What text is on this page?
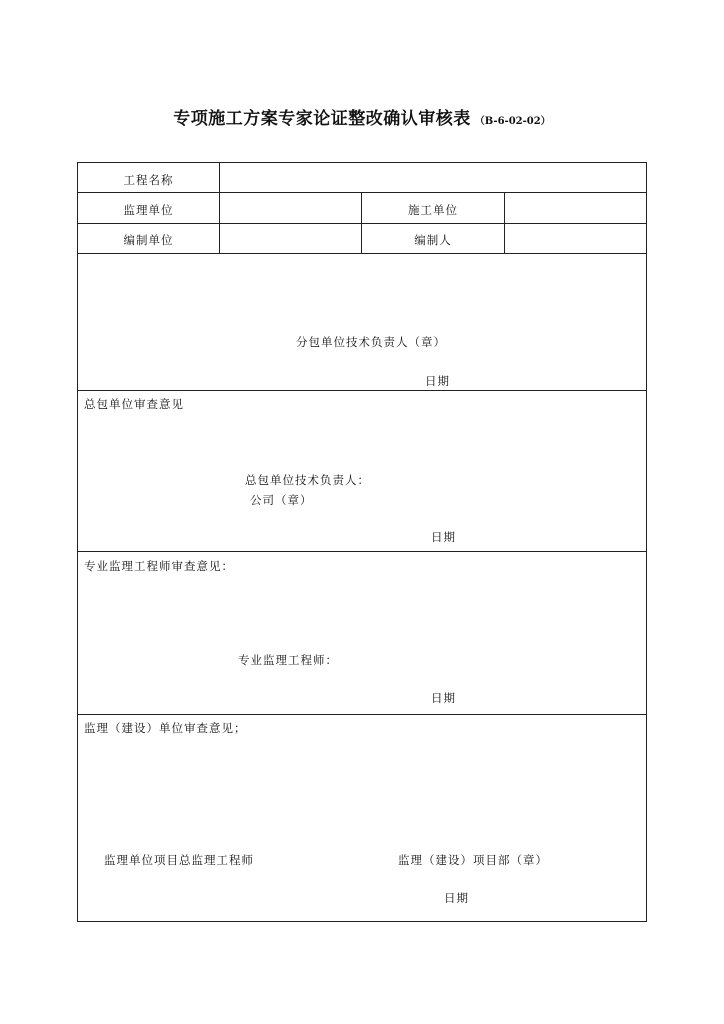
专项施工方案专家论证整改确认审核表 （B-6-02-02）
工程名称
监理单位	施工单位
编制单位	编制人
分包单位技术负责人（章）
日期
总包单位审查意见
总包单位技术负责人：
公司（章）
日期
专业监理工程师审查意见：
专业监理工程师：
日期
监理（建设）单位审查意见；
监理单位项目总监理工程师	监理（建设）项目部（章）
日期
